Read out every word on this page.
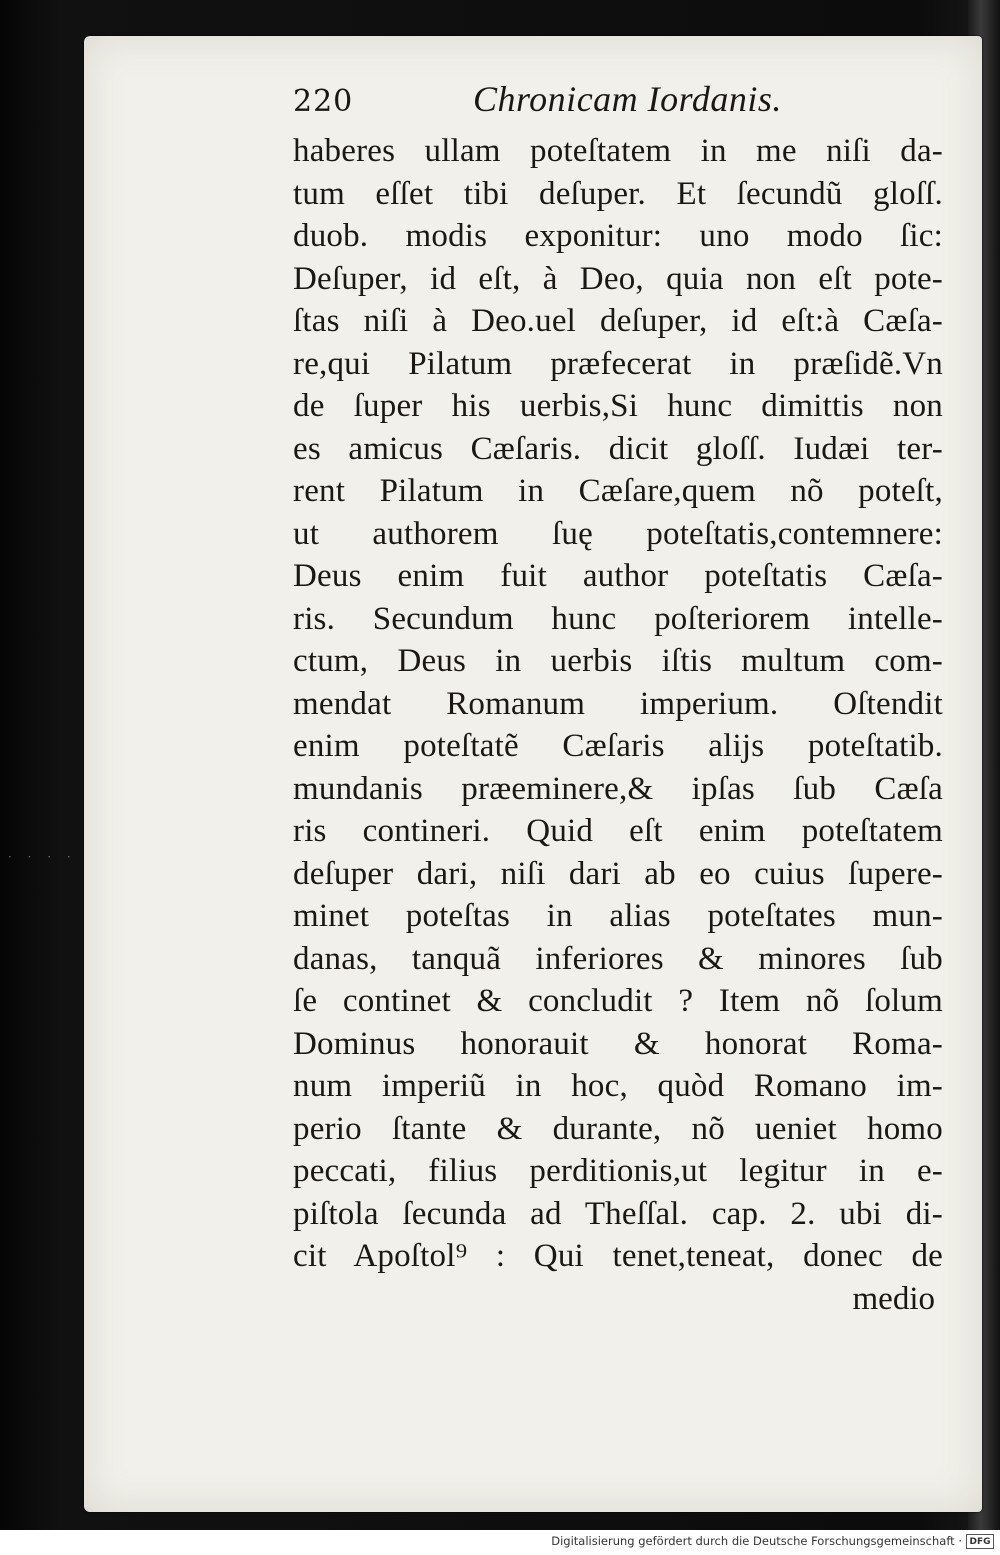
· · · ·
220	Chronicam Iordanis.
haberes ullam poteſtatem in me niſi da-
tum eſſet tibi deſuper. Et ſecundũ gloſſ.
duob. modis exponitur: uno modo ſic:
Deſuper, id eſt, à Deo, quia non eſt pote-
ſtas niſi à Deo.uel deſuper, id eſt:à Cæſa-
re,qui Pilatum præfecerat in præſidẽ.Vn
de ſuper his uerbis,Si hunc dimittis non
es amicus Cæſaris. dicit gloſſ. Iudæi ter-
rent Pilatum in Cæſare,quem nõ poteſt,
ut authorem ſuę poteſtatis,contemnere:
Deus enim fuit author poteſtatis Cæſa-
ris. Secundum hunc poſteriorem intelle-
ctum, Deus in uerbis iſtis multum com-
mendat Romanum imperium. Oſtendit
enim poteſtatẽ Cæſaris alijs poteſtatib.
mundanis præeminere,& ipſas ſub Cæſa
ris contineri. Quid eſt enim poteſtatem
deſuper dari, niſi dari ab eo cuius ſupere-
minet poteſtas in alias poteſtates mun-
danas, tanquã inferiores & minores ſub
ſe continet & concludit ? Item nõ ſolum
Dominus honorauit & honorat Roma-
num imperiũ in hoc, quòd Romano im-
perio ſtante & durante, nõ ueniet homo
peccati, filius perditionis,ut legitur in e-
piſtola ſecunda ad Theſſal. cap. 2. ubi di-
cit Apoſtol⁹ : Qui tenet,teneat, donec de
medio
Digitalisierung gefördert durch die Deutsche Forschungsgemeinschaft · DFG
